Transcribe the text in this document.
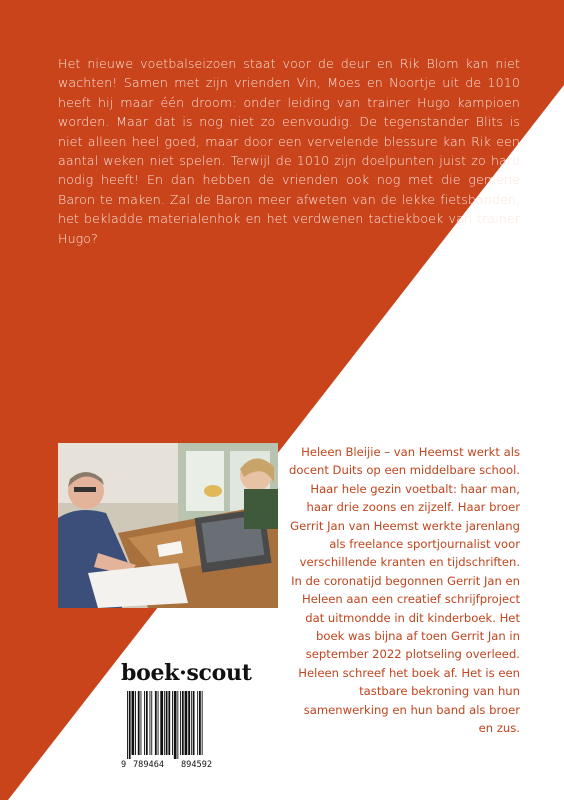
Het nieuwe voetbalseizoen staat voor de deur en Rik Blom kan niet wachten! Samen met zijn vrienden Vin, Moes en Noortje uit de 1010 heeft hij maar één droom: onder leiding van trainer Hugo kampioen worden. Maar dat is nog niet zo eenvoudig. De tegenstander Blits is niet alleen heel goed, maar door een vervelende blessure kan Rik een aantal weken niet spelen. Terwijl de 1010 zijn doelpunten juist zo hard nodig heeft! En dan hebben de vrienden ook nog met die gemene Baron te maken. Zal de Baron meer afweten van de lekke fietsbanden, het bekladde materialenhok en het verdwenen tactiekboek van trainer Hugo?
Heleen Bleijie – van Heemst werkt als docent Duits op een middelbare school. Haar hele gezin voetbalt: haar man, haar drie zoons en zijzelf. Haar broer Gerrit Jan van Heemst werkte jarenlang als freelance sportjournalist voor verschillende kranten en tijdschriften. In de coronatijd begonnen Gerrit Jan en Heleen aan een creatief schrijfproject dat uitmondde in dit kinderboek. Het boek was bijna af toen Gerrit Jan in september 2022 plotseling overleed. Heleen schreef het boek af. Het is een tastbare bekroning van hun samenwerking en hun band als broer en zus.
boek·scout
9 789464 894592
